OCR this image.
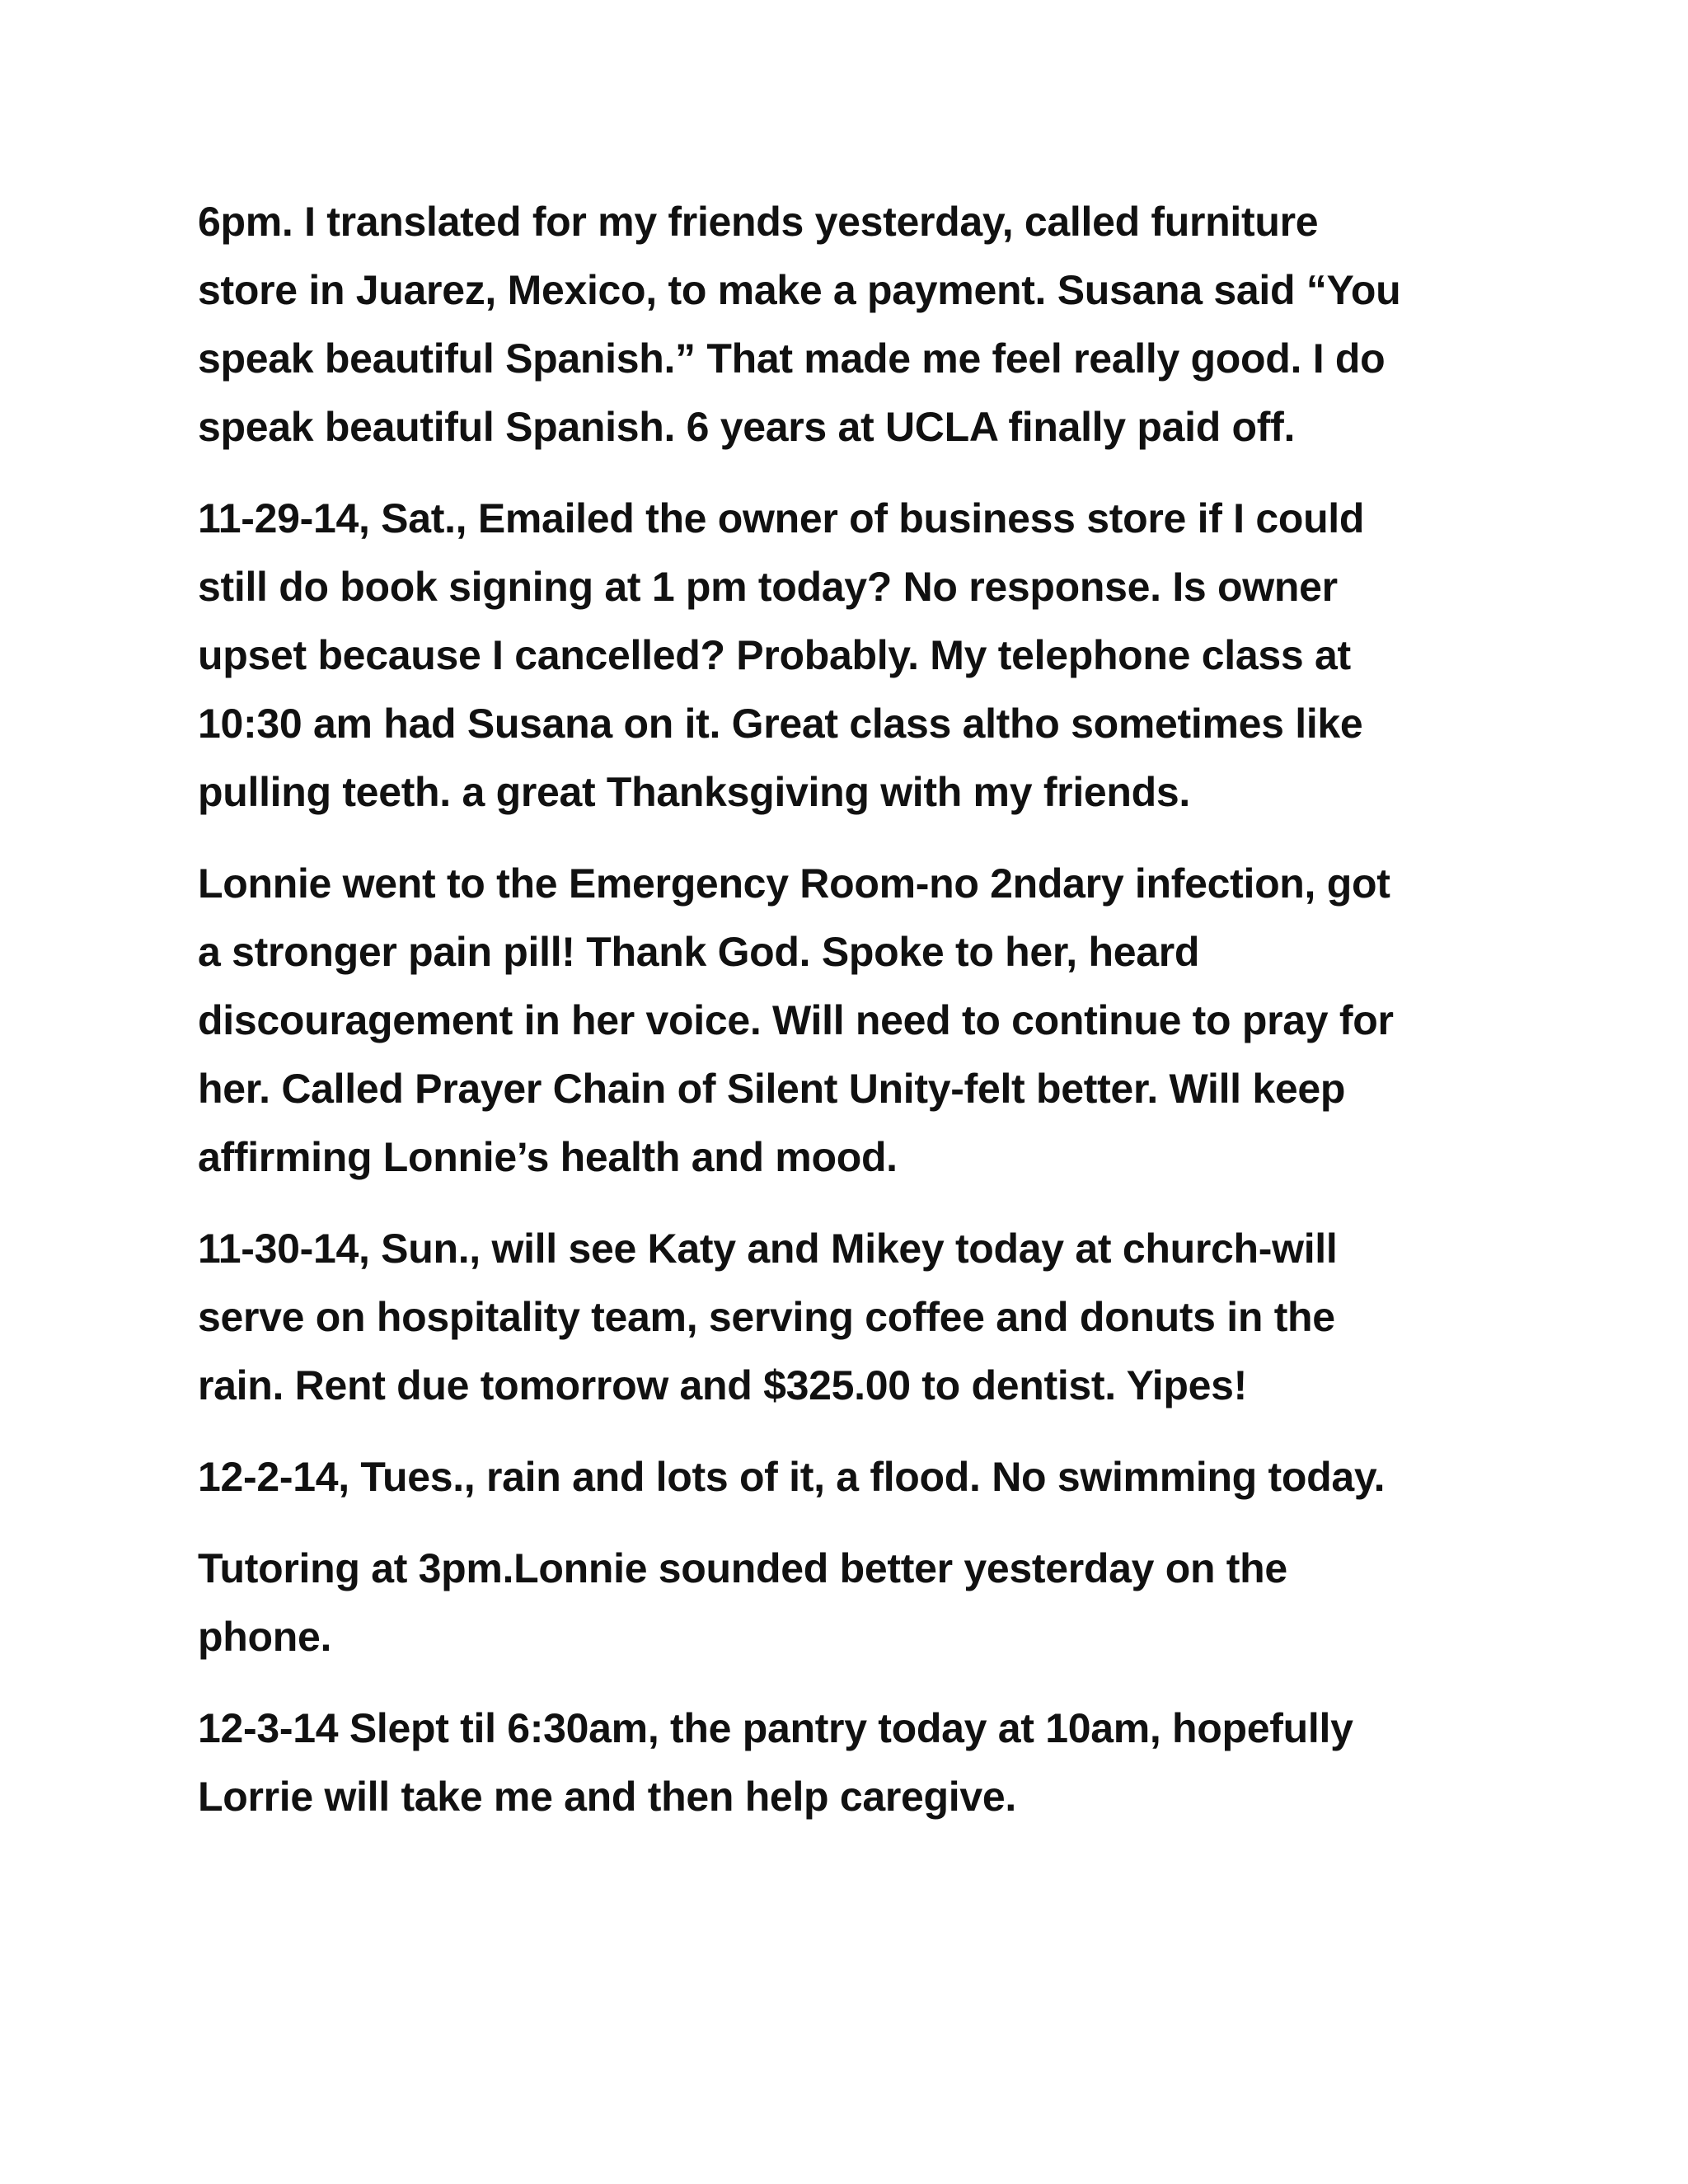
6pm. I translated for my friends yesterday, called furniture
store in Juarez, Mexico, to make a payment. Susana said “You
speak beautiful Spanish.” That made me feel really good. I do
speak beautiful Spanish. 6 years at UCLA finally paid off.
11-29-14, Sat., Emailed the owner of business store if I could
still do book signing at 1 pm today? No response. Is owner
upset because I cancelled? Probably. My telephone class at
10:30 am had Susana on it. Great class altho sometimes like
pulling teeth. a great Thanksgiving with my friends.
Lonnie went to the Emergency Room-no 2ndary infection, got
a stronger pain pill! Thank God. Spoke to her, heard
discouragement in her voice. Will need to continue to pray for
her. Called Prayer Chain of Silent Unity-felt better. Will keep
affirming Lonnie’s health and mood.
11-30-14, Sun., will see Katy and Mikey today at church-will
serve on hospitality team, serving coffee and donuts in the
rain. Rent due tomorrow and $325.00 to dentist. Yipes!
12-2-14, Tues., rain and lots of it, a flood. No swimming today.
Tutoring at 3pm.Lonnie sounded better yesterday on the
phone.
12-3-14 Slept til 6:30am, the pantry today at 10am, hopefully
Lorrie will take me and then help caregive.
